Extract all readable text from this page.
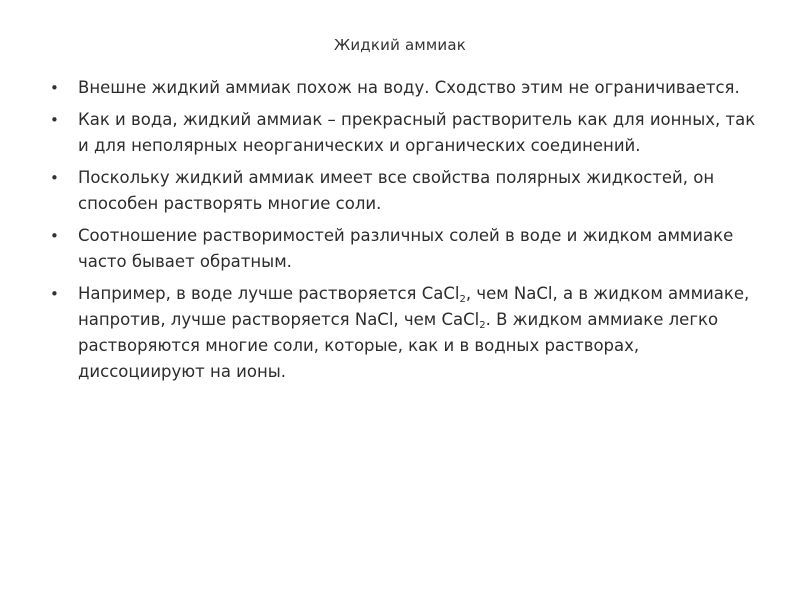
Жидкий аммиак
• Внешне жидкий аммиак похож на воду. Сходство этим не ограничивается.
• Как и вода, жидкий аммиак – прекрасный растворитель как для ионных, так и для неполярных неорганических и органических соединений.
• Поскольку жидкий аммиак имеет все свойства полярных жидкостей, он способен растворять многие соли.
• Соотношение растворимостей различных солей в воде и жидком аммиаке часто бывает обратным.
• Например, в воде лучше растворяется CaCl$_2$, чем NaCl, а в жидком аммиаке, напротив, лучше растворяется NaCl, чем CaCl$_2$. В жидком аммиаке легко растворяются многие соли, которые, как и в водных растворах, диссоциируют на ионы.
